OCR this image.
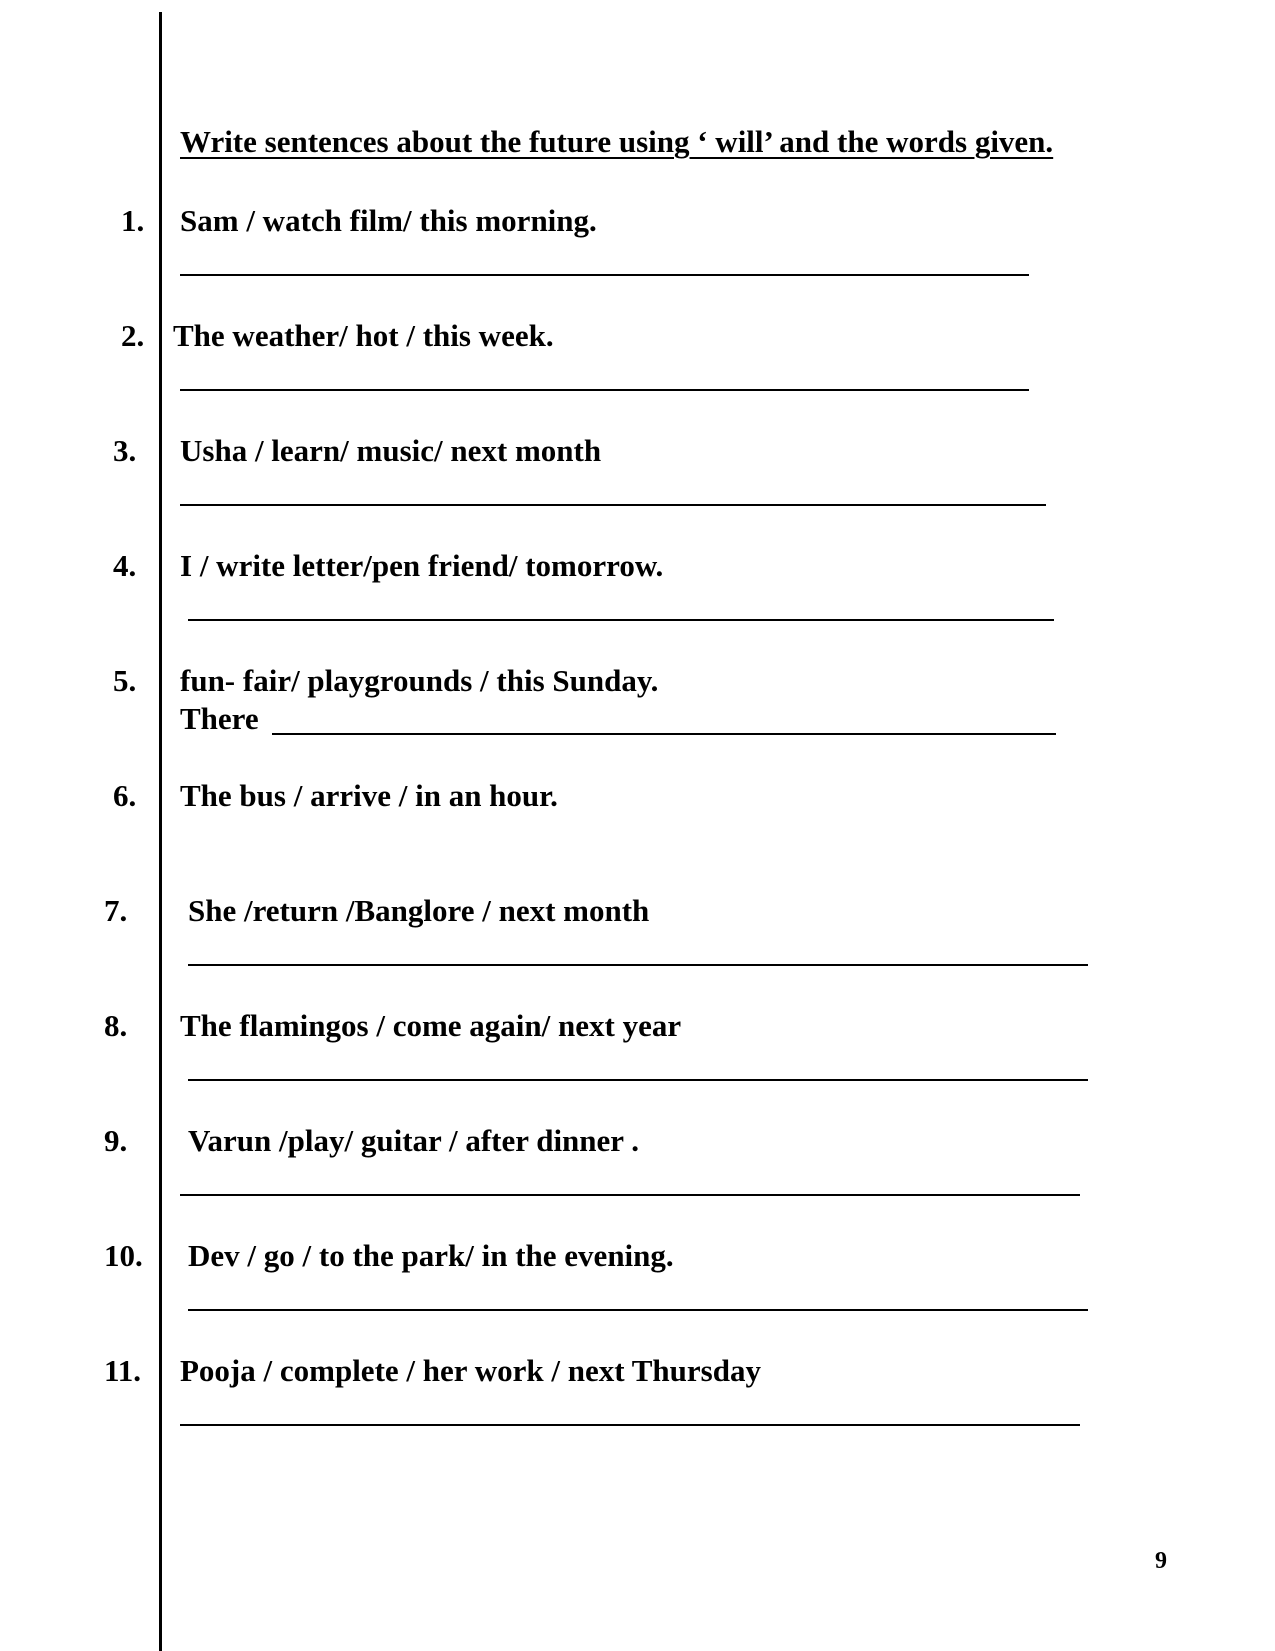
Write sentences about the future using ‘ will’ and the words given.
1. Sam / watch film/ this morning.
2. The weather/ hot / this week.
3. Usha / learn/ music/ next month
4. I / write letter/pen friend/ tomorrow.
5. fun- fair/ playgrounds / this Sunday.
There
6. The bus / arrive / in an hour.
7. She /return /Banglore / next month
8. The flamingos / come again/ next year
9. Varun /play/ guitar / after dinner .
10. Dev / go / to the park/ in the evening.
11. Pooja / complete / her work / next Thursday
9
